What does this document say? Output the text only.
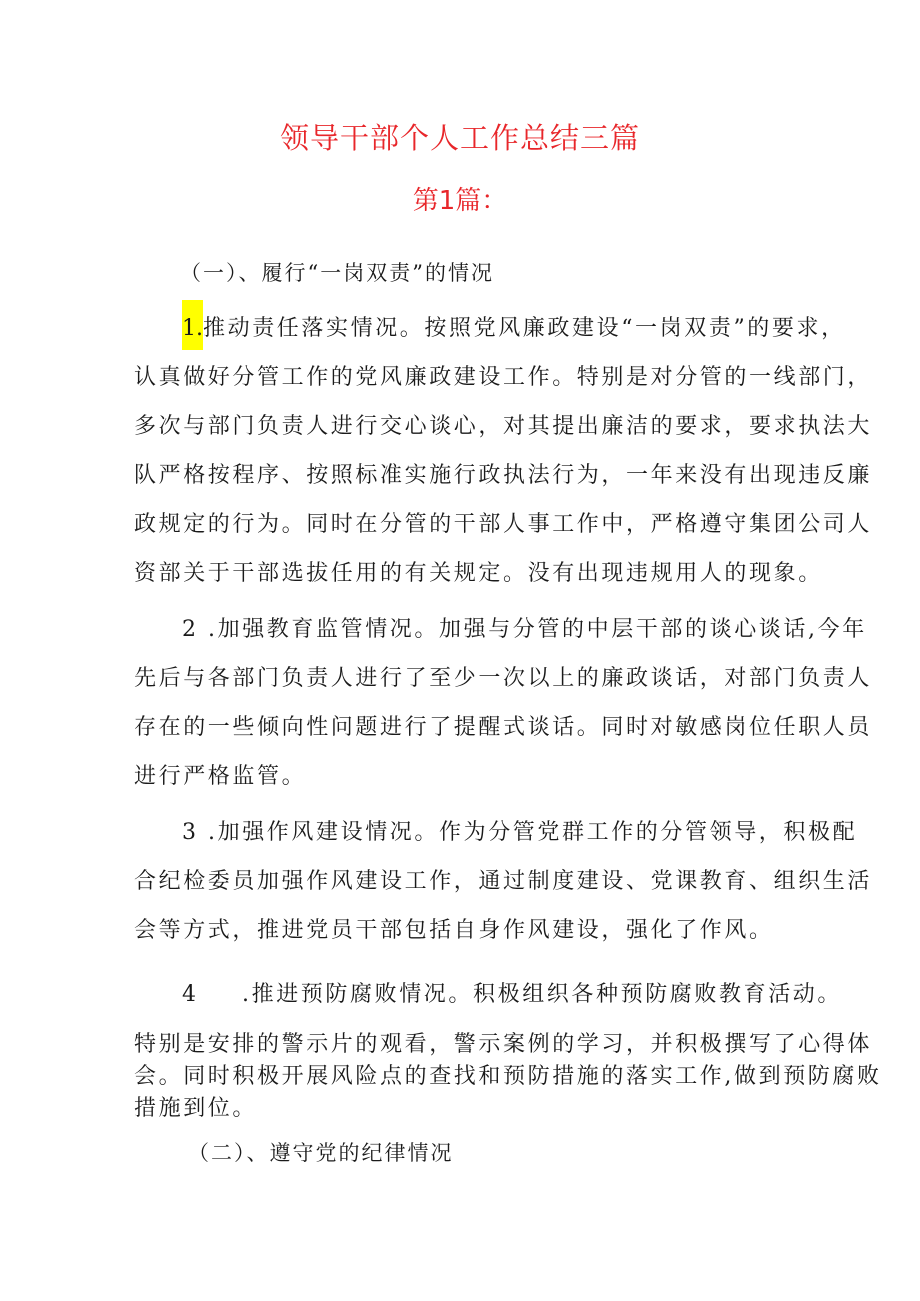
领导干部个人工作总结三篇
第1篇：
（一）、履行“一岗双责”的情况
1.推动责任落实情况。按照党风廉政建设“一岗双责”的要求，
认真做好分管工作的党风廉政建设工作。特别是对分管的一线部门，
多次与部门负责人进行交心谈心，对其提出廉洁的要求，要求执法大
队严格按程序、按照标准实施行政执法行为，一年来没有出现违反廉
政规定的行为。同时在分管的干部人事工作中，严格遵守集团公司人
资部关于干部选拔任用的有关规定。没有出现违规用人的现象。
2 .加强教育监管情况。加强与分管的中层干部的谈心谈话,今年
先后与各部门负责人进行了至少一次以上的廉政谈话，对部门负责人
存在的一些倾向性问题进行了提醒式谈话。同时对敏感岗位任职人员
进行严格监管。
3 .加强作风建设情况。作为分管党群工作的分管领导，积极配
合纪检委员加强作风建设工作，通过制度建设、党课教育、组织生活
会等方式，推进党员干部包括自身作风建设，强化了作风。
4 .推进预防腐败情况。积极组织各种预防腐败教育活动。
特别是安排的警示片的观看，警示案例的学习，并积极撰写了心得体
会。同时积极开展风险点的查找和预防措施的落实工作,做到预防腐败
措施到位。
（二）、遵守党的纪律情况
